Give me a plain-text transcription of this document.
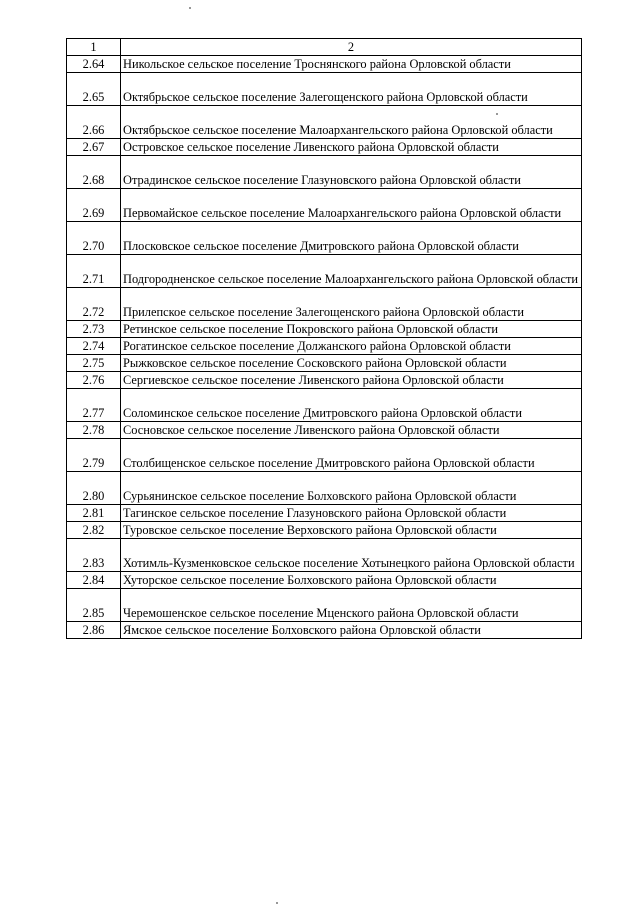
1	2
2.64	Никольское сельское поселение Троснянского района Орловской области
2.65	Октябрьское сельское поселение Залегощенского района Орловской области
2.66	Октябрьское сельское поселение Малоархангельского района Орловской области
2.67	Островское сельское поселение Ливенского района Орловской области
2.68	Отрадинское сельское поселение Глазуновского района Орловской области
2.69	Первомайское сельское поселение Малоархангельского района Орловской области
2.70	Плосковское сельское поселение Дмитровского района Орловской области
2.71	Подгородненское сельское поселение Малоархангельского района Орловской области
2.72	Прилепское сельское поселение Залегощенского района Орловской области
2.73	Ретинское сельское поселение Покровского района Орловской области
2.74	Рогатинское сельское поселение Должанского района Орловской области
2.75	Рыжковское сельское поселение Сосковского района Орловской области
2.76	Сергиевское сельское поселение Ливенского района Орловской области
2.77	Соломинское сельское поселение Дмитровского района Орловской области
2.78	Сосновское сельское поселение Ливенского района Орловской области
2.79	Столбищенское сельское поселение Дмитровского района Орловской области
2.80	Сурьянинское сельское поселение Болховского района Орловской области
2.81	Тагинское сельское поселение Глазуновского района Орловской области
2.82	Туровское сельское поселение Верховского района Орловской области
2.83	Хотимль-Кузменковское сельское поселение Хотынецкого района Орловской области
2.84	Хуторское сельское поселение Болховского района Орловской области
2.85	Черемошенское сельское поселение Мценского района Орловской области
2.86	Ямское сельское поселение Болховского района Орловской области
